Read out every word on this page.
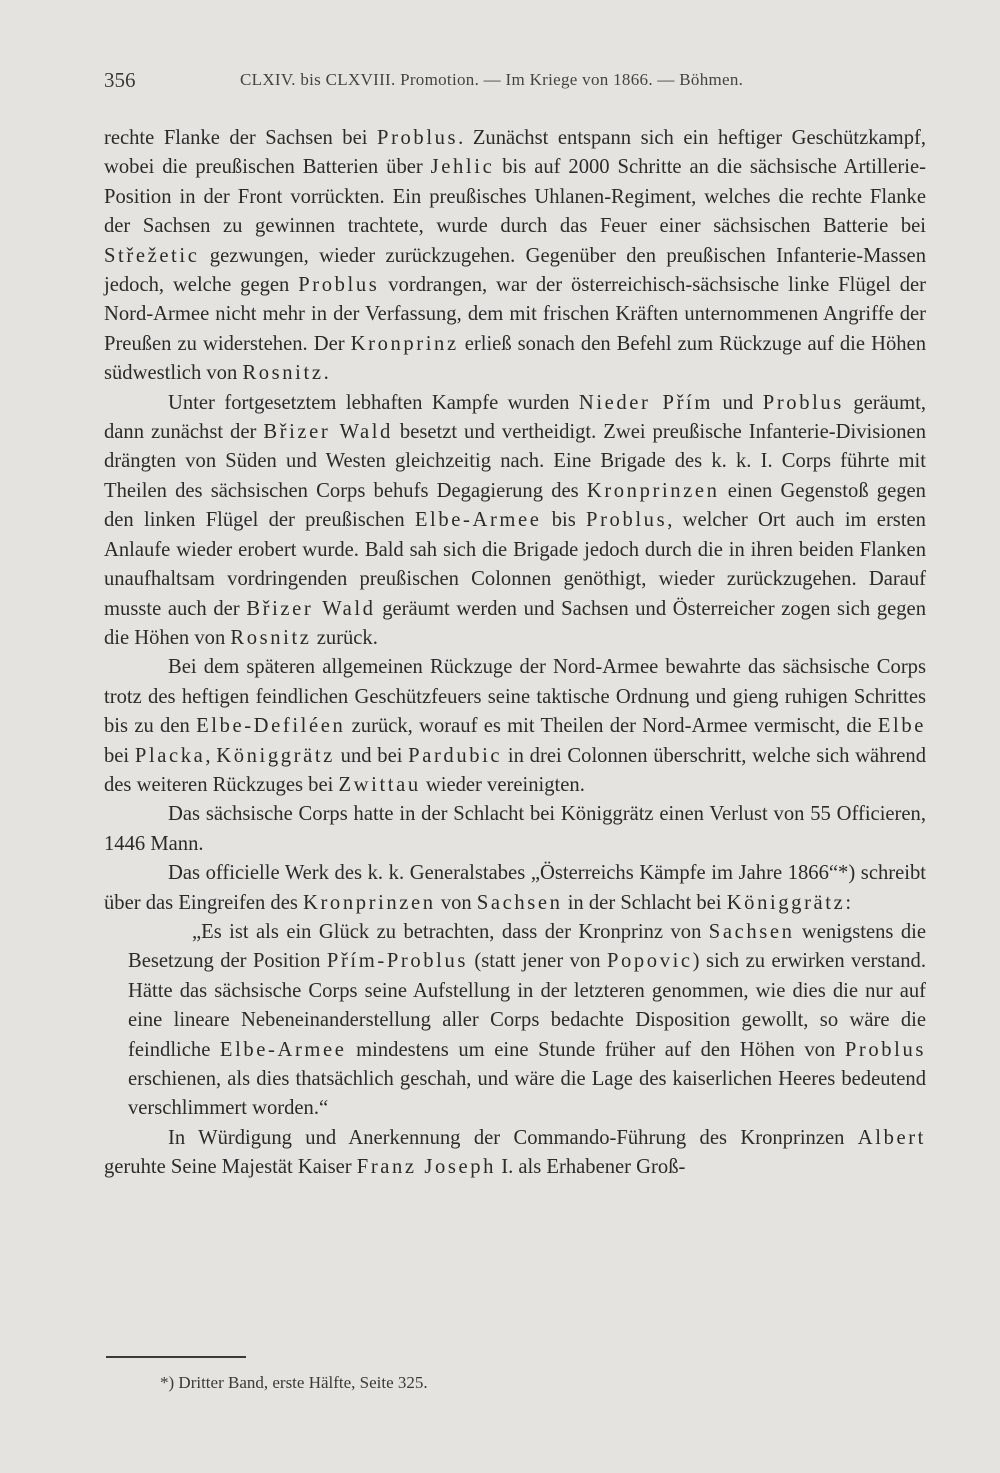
356	CLXIV. bis CLXVIII. Promotion. — Im Kriege von 1866. — Böhmen.

rechte Flanke der Sachsen bei Problus. Zunächst entspann sich ein heftiger Geschützkampf, wobei die preußischen Batterien über Jehlic bis auf 2000 Schritte an die sächsische Artillerie-Position in der Front vorrückten. Ein preußisches Uhlanen-Regiment, welches die rechte Flanke der Sachsen zu gewinnen trachtete, wurde durch das Feuer einer sächsischen Batterie bei Střežetic gezwungen, wieder zurückzugehen. Gegenüber den preußischen Infanterie-Massen jedoch, welche gegen Problus vordrangen, war der österreichisch-sächsische linke Flügel der Nord-Armee nicht mehr in der Verfassung, dem mit frischen Kräften unternommenen Angriffe der Preußen zu widerstehen. Der Kronprinz erließ sonach den Befehl zum Rückzuge auf die Höhen südwestlich von Rosnitz.

Unter fortgesetztem lebhaften Kampfe wurden Nieder Přím und Problus geräumt, dann zunächst der Břizer Wald besetzt und vertheidigt. Zwei preußische Infanterie-Divisionen drängten von Süden und Westen gleichzeitig nach. Eine Brigade des k. k. I. Corps führte mit Theilen des sächsischen Corps behufs Degagierung des Kronprinzen einen Gegenstoß gegen den linken Flügel der preußischen Elbe-Armee bis Problus, welcher Ort auch im ersten Anlaufe wieder erobert wurde. Bald sah sich die Brigade jedoch durch die in ihren beiden Flanken unaufhaltsam vordringenden preußischen Colonnen genöthigt, wieder zurückzugehen. Darauf musste auch der Břizer Wald geräumt werden und Sachsen und Österreicher zogen sich gegen die Höhen von Rosnitz zurück.

Bei dem späteren allgemeinen Rückzuge der Nord-Armee bewahrte das sächsische Corps trotz des heftigen feindlichen Geschützfeuers seine taktische Ordnung und gieng ruhigen Schrittes bis zu den Elbe-Defiléen zurück, worauf es mit Theilen der Nord-Armee vermischt, die Elbe bei Placka, Königgrätz und bei Pardubic in drei Colonnen überschritt, welche sich während des weiteren Rückzuges bei Zwittau wieder vereinigten.

Das sächsische Corps hatte in der Schlacht bei Königgrätz einen Verlust von 55 Officieren, 1446 Mann.

Das officielle Werk des k. k. Generalstabes „Österreichs Kämpfe im Jahre 1866“*) schreibt über das Eingreifen des Kronprinzen von Sachsen in der Schlacht bei Königgrätz:

„Es ist als ein Glück zu betrachten, dass der Kronprinz von Sachsen wenigstens die Besetzung der Position Přím-Problus (statt jener von Popovic) sich zu erwirken verstand. Hätte das sächsische Corps seine Aufstellung in der letzteren genommen, wie dies die nur auf eine lineare Nebeneinanderstellung aller Corps bedachte Disposition gewollt, so wäre die feindliche Elbe-Armee mindestens um eine Stunde früher auf den Höhen von Problus erschienen, als dies thatsächlich geschah, und wäre die Lage des kaiserlichen Heeres bedeutend verschlimmert worden.“

In Würdigung und Anerkennung der Commando-Führung des Kronprinzen Albert geruhte Seine Majestät Kaiser Franz Joseph I. als Erhabener Groß-

*) Dritter Band, erste Hälfte, Seite 325.
